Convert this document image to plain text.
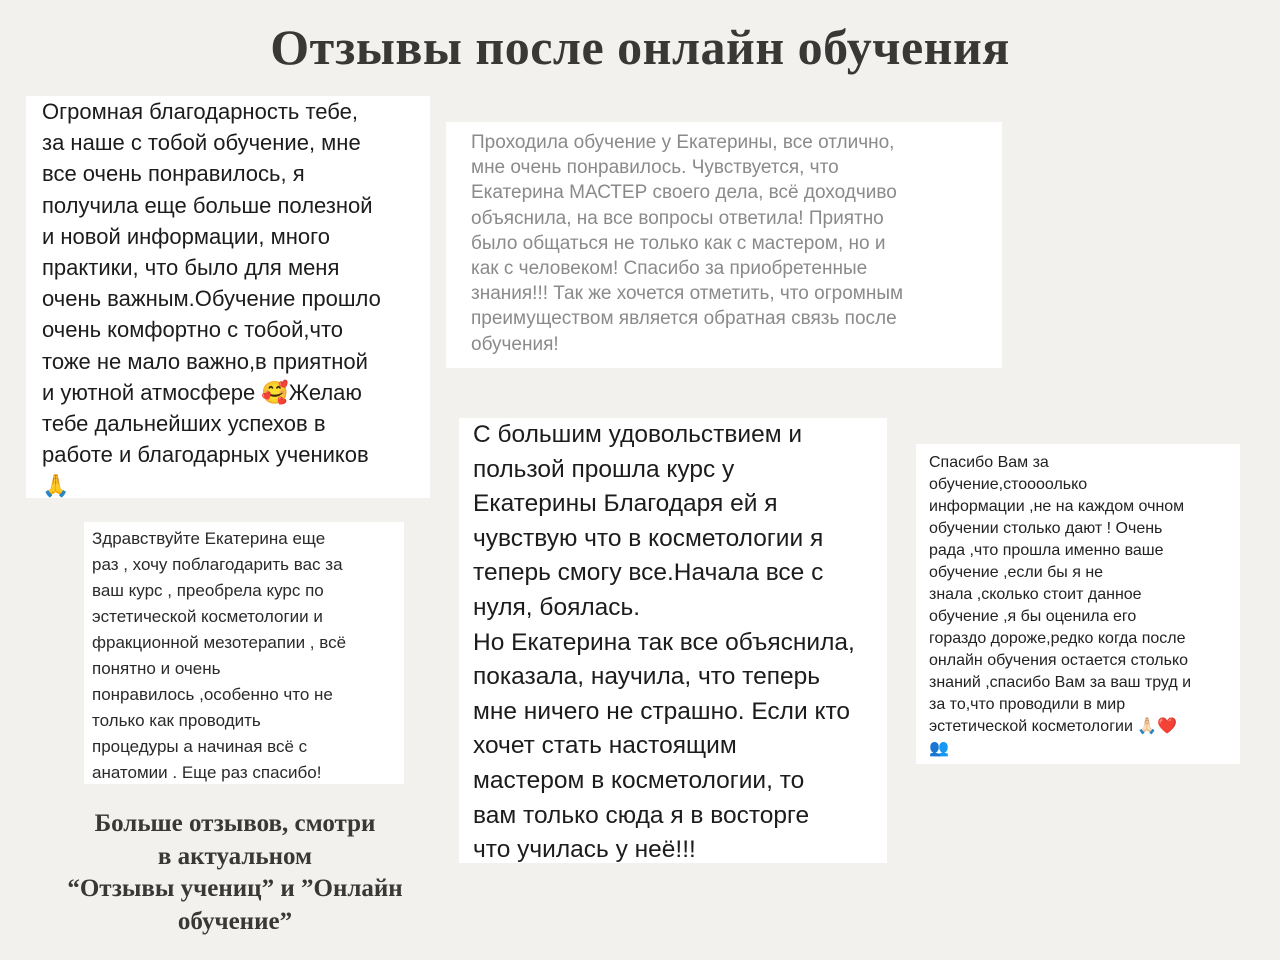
Отзывы после онлайн обучения

Огромная благодарность тебе,
за наше с тобой обучение, мне
все очень понравилось, я
получила еще больше полезной
и новой информации, много
практики, что было для меня
очень важным.Обучение прошло
очень комфортно с тобой,что
тоже не мало важно,в приятной
и уютной атмосфере 🥰Желаю
тебе дальнейших успехов в
работе и благодарных учеников
🙏

Проходила обучение у Екатерины, все отлично,
мне очень понравилось. Чувствуется, что
Екатерина МАСТЕР своего дела, всё доходчиво
объяснила, на все вопросы ответила! Приятно
было общаться не только как с мастером, но и
как с человеком! Спасибо за приобретенные
знания!!! Так же хочется отметить, что огромным
преимуществом является обратная связь после
обучения!

Здравствуйте Екатерина еще
раз , хочу поблагодарить вас за
ваш курс , преобрела курс по
эстетической косметологии и
фракционной мезотерапии , всё
понятно и очень
понравилось ,особенно что не
только как проводить
процедуры а начиная всё с
анатомии . Еще раз спасибо!

С большим удовольствием и
пользой прошла курс у
Екатерины Благодаря ей я
чувствую что в косметологии я
теперь смогу все.Начала все с
нуля, боялась.
Но Екатерина так все объяснила,
показала, научила, что теперь
мне ничего не страшно. Если кто
хочет стать настоящим
мастером в косметологии, то
вам только сюда я в восторге
что училась у неё!!!

Спасибо Вам за
обучение,стоооолько
информации ,не на каждом очном
обучении столько дают ! Очень
рада ,что прошла именно ваше
обучение ,если бы я не
знала ,сколько стоит данное
обучение ,я бы оценила его
гораздо дороже,редко когда после
онлайн обучения остается столько
знаний ,спасибо Вам за ваш труд и
за то,что проводили в мир
эстетической косметологии 🙏🏻❤️
👥

Больше отзывов, смотри
в актуальном
“Отзывы учениц” и ”Онлайн
обучение”
